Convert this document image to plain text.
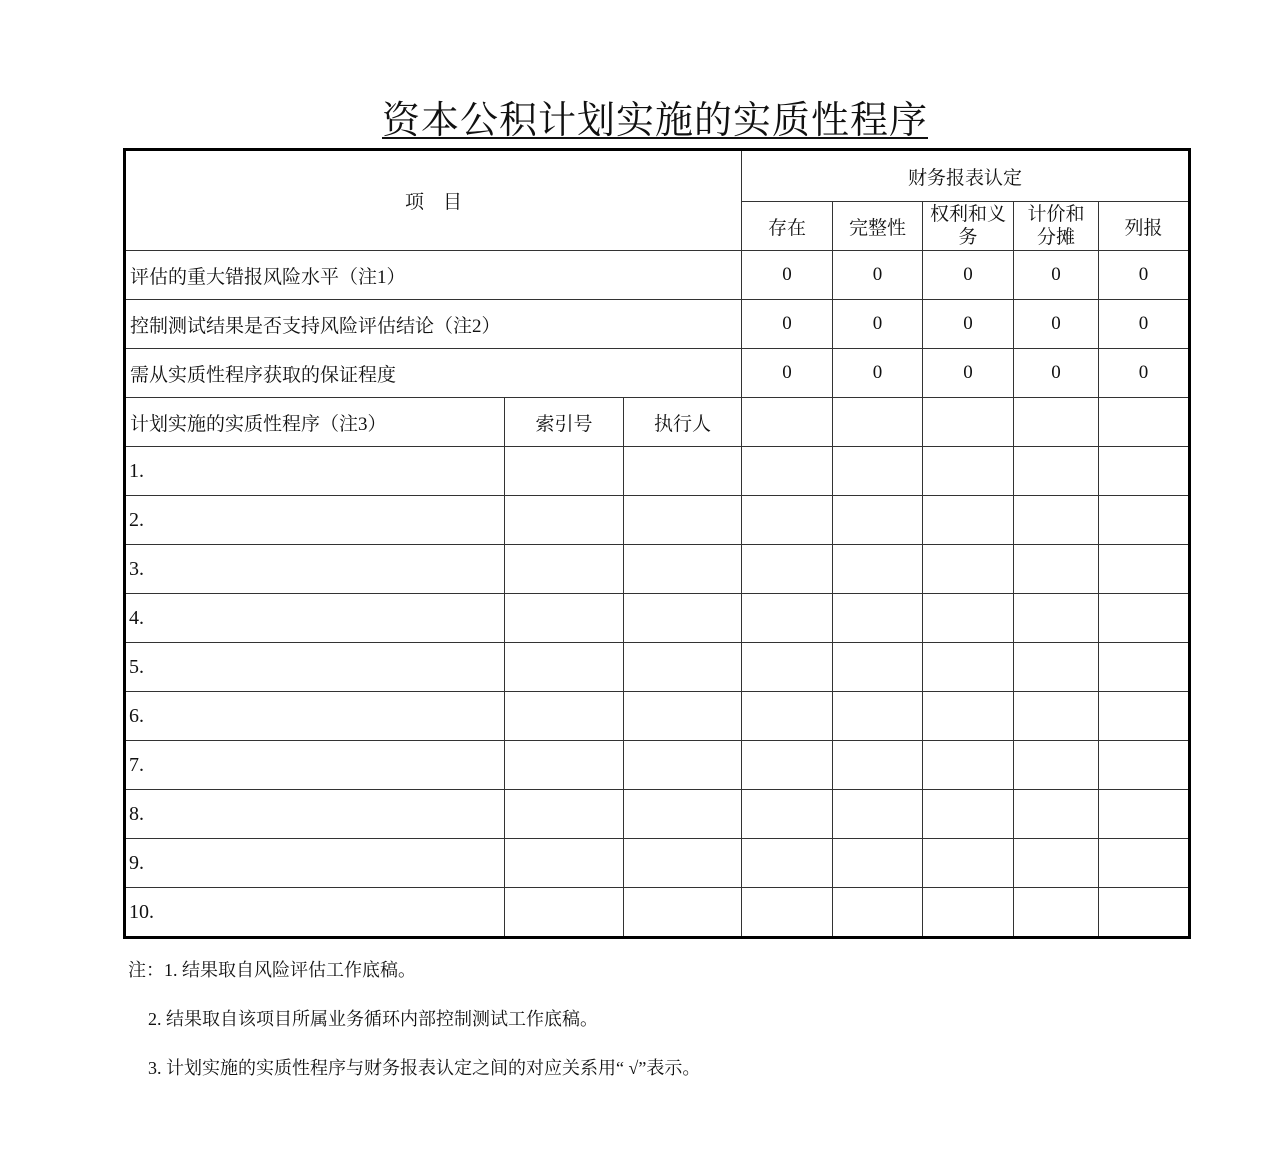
资本公积计划实施的实质性程序
项　目			财务报表认定				
			存在	完整性	权利和义务	计价和分摊	列报
评估的重大错报风险水平（注1）			0	0	0	0	0
控制测试结果是否支持风险评估结论（注2）			0	0	0	0	0
需从实质性程序获取的保证程度			0	0	0	0	0
计划实施的实质性程序（注3）	索引号	执行人					
1.							
2.							
3.							
4.							
5.							
6.							
7.							
8.							
9.							
10.							
注：1. 结果取自风险评估工作底稿。
2. 结果取自该项目所属业务循环内部控制测试工作底稿。
3. 计划实施的实质性程序与财务报表认定之间的对应关系用“ √”表示。
